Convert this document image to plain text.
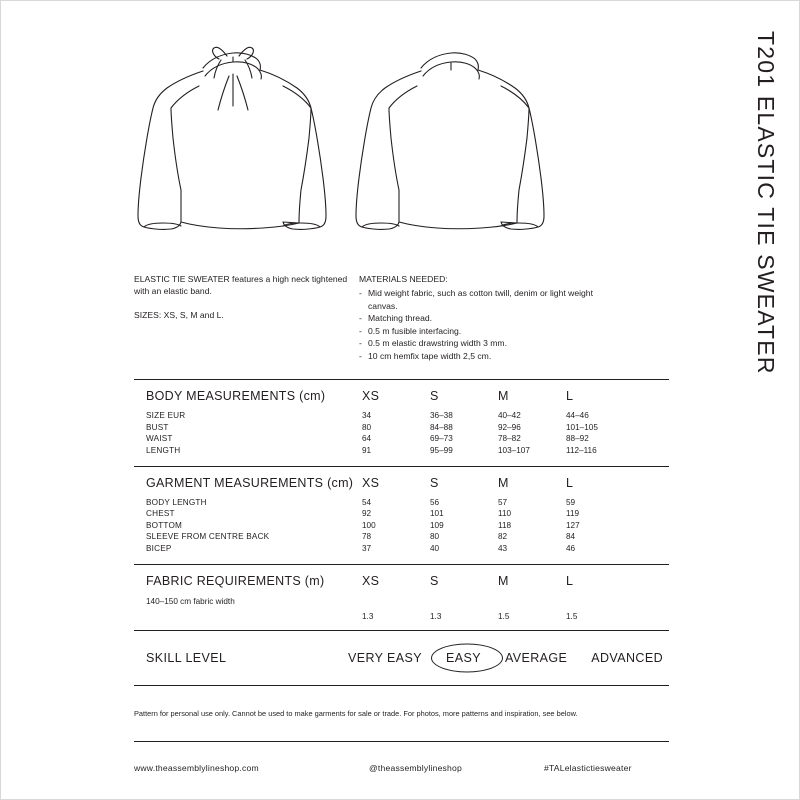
T201 ELASTIC TIE SWEATER
ELASTIC TIE SWEATER features a high neck tightened with an elastic band.
SIZES: XS, S, M and L.
MATERIALS NEEDED:
- Mid weight fabric, such as cotton twill, denim or light weight canvas.
- Matching thread.
- 0.5 m fusible interfacing.
- 0.5 m elastic drawstring width 3 mm.
- 10 cm hemfix tape width 2,5 cm.
BODY MEASUREMENTS (cm)	XS	S	M	L
SIZE EUR	34	36–38	40–42	44–46
BUST	80	84–88	92–96	101–105
WAIST	64	69–73	78–82	88–92
LENGTH	91	95–99	103–107	112–116
GARMENT MEASUREMENTS (cm) XS	S	M	L
BODY LENGTH	54	56	57	59
CHEST	92	101	110	119
BOTTOM	100	109	118	127
SLEEVE FROM CENTRE BACK	78	80	82	84
BICEP	37	40	43	46
FABRIC REQUIREMENTS (m)	XS	S	M	L
140–150 cm fabric width
1.3	1.3	1.5	1.5
SKILL LEVEL	VERY EASY EASY AVERAGE ADVANCED
Pattern for personal use only. Cannot be used to make garments for sale or trade. For photos, more patterns and inspiration, see below.
www.theassemblylineshop.com	@theassemblylineshop	#TALelastictiesweater
